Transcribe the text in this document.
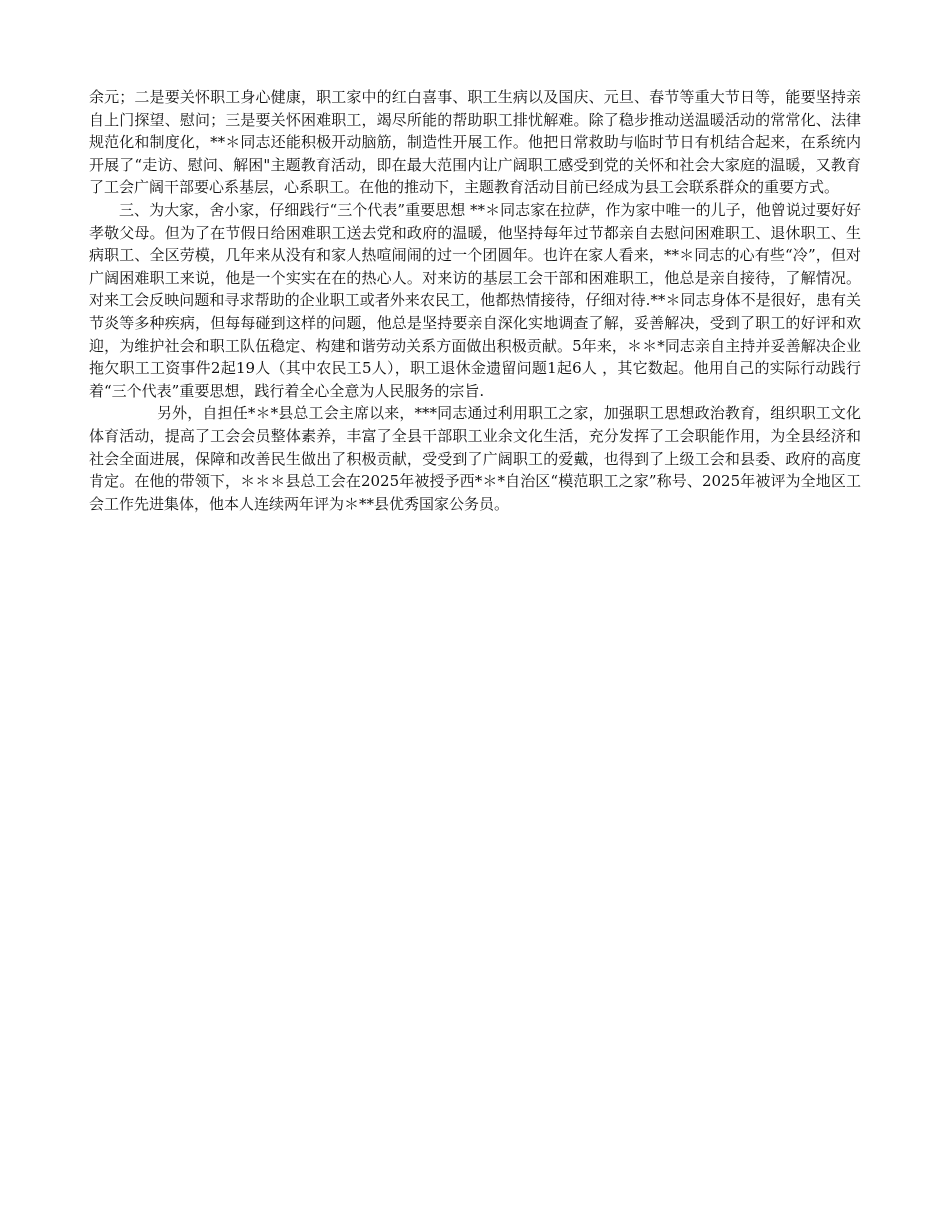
余元；二是要关怀职工身心健康，职工家中的红白喜事、职工生病以及国庆、元旦、春节等重大节日等，能要坚持亲自上门探望、慰问；三是要关怀困难职工，竭尽所能的帮助职工排忧解难。除了稳步推动送温暖活动的常常化、法律规范化和制度化，**＊同志还能积极开动脑筋，制造性开展工作。他把日常救助与临时节日有机结合起来，在系统内开展了“走访、慰问、解困"主题教育活动，即在最大范围内让广阔职工感受到党的关怀和社会大家庭的温暖，又教育了工会广阔干部要心系基层，心系职工。在他的推动下，主题教育活动目前已经成为县工会联系群众的重要方式。

三、为大家，舍小家，仔细践行“三个代表”重要思想 **＊同志家在拉萨，作为家中唯一的儿子，他曾说过要好好孝敬父母。但为了在节假日给困难职工送去党和政府的温暖，他坚持每年过节都亲自去慰问困难职工、退休职工、生病职工、全区劳模，几年来从没有和家人热喧闹闹的过一个团圆年。也许在家人看来，**＊同志的心有些“冷”，但对广阔困难职工来说，他是一个实实在在的热心人。对来访的基层工会干部和困难职工，他总是亲自接待，了解情况。对来工会反映问题和寻求帮助的企业职工或者外来农民工，他都热情接待，仔细对待.**＊同志身体不是很好，患有关节炎等多种疾病，但每每碰到这样的问题，他总是坚持要亲自深化实地调查了解，妥善解决，受到了职工的好评和欢迎，为维护社会和职工队伍稳定、构建和谐劳动关系方面做出积极贡献。5年来，＊＊*同志亲自主持并妥善解决企业拖欠职工工资事件2起19人（其中农民工5人），职工退休金遗留问题1起6人 ，其它数起。他用自己的实际行动践行着“三个代表”重要思想，践行着全心全意为人民服务的宗旨.

另外，自担任*＊*县总工会主席以来，***同志通过利用职工之家，加强职工思想政治教育，组织职工文化体育活动，提高了工会会员整体素养，丰富了全县干部职工业余文化生活，充分发挥了工会职能作用，为全县经济和社会全面进展，保障和改善民生做出了积极贡献，受受到了广阔职工的爱戴，也得到了上级工会和县委、政府的高度肯定。在他的带领下，＊＊＊县总工会在2025年被授予西*＊*自治区“模范职工之家”称号、2025年被评为全地区工会工作先进集体，他本人连续两年评为＊**县优秀国家公务员。
